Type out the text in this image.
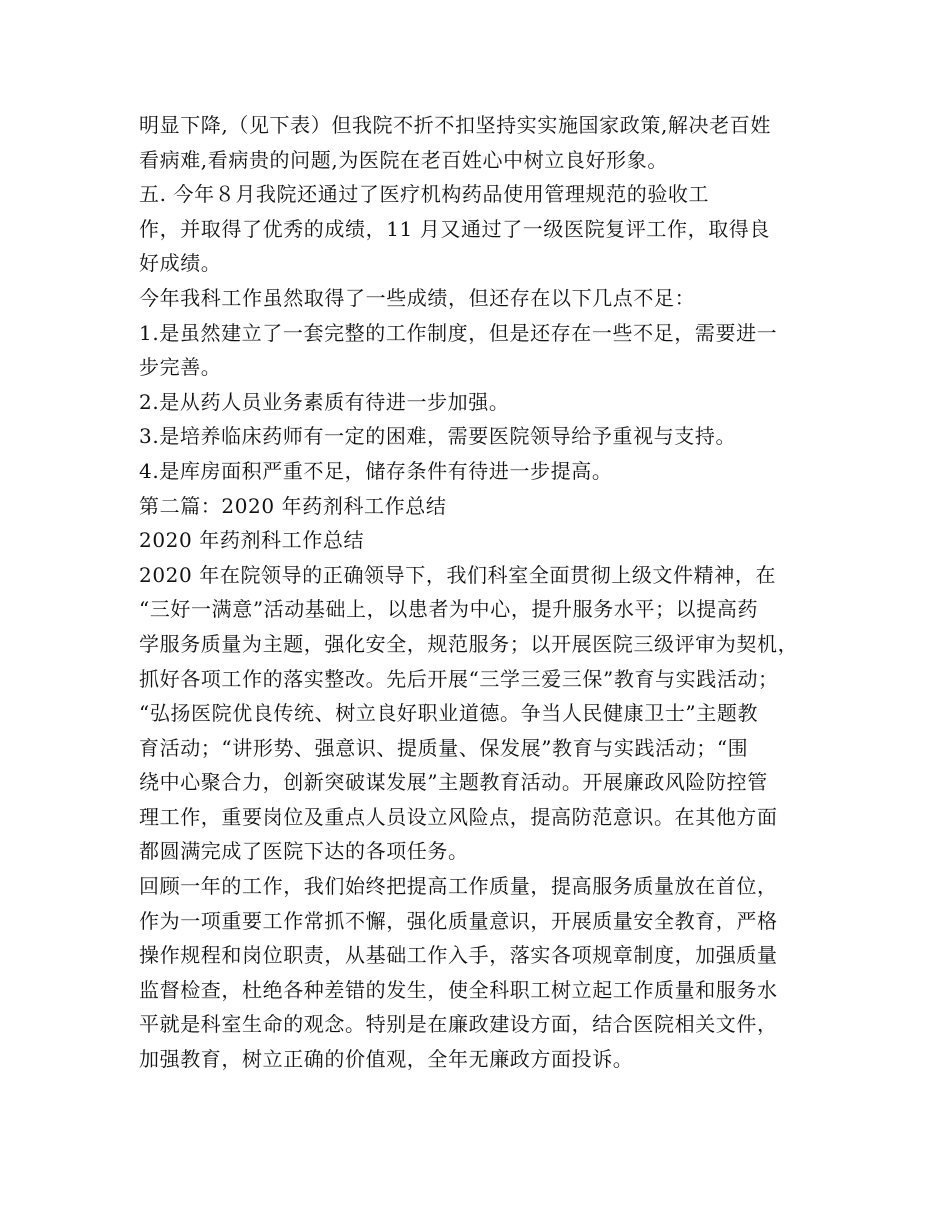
明显下降,（见下表）但我院不折不扣坚持实实施国家政策,解决老百姓
看病难,看病贵的问题,为医院在老百姓心中树立良好形象。
五. 今年８月我院还通过了医疗机构药品使用管理规范的验收工
作，并取得了优秀的成绩，11 月又通过了一级医院复评工作，取得良
好成绩。
今年我科工作虽然取得了一些成绩，但还存在以下几点不足：
1.是虽然建立了一套完整的工作制度，但是还存在一些不足，需要进一
步完善。
2.是从药人员业务素质有待进一步加强。
3.是培养临床药师有一定的困难，需要医院领导给予重视与支持。
4.是库房面积严重不足，储存条件有待进一步提高。
第二篇：2020 年药剂科工作总结
2020 年药剂科工作总结
2020 年在院领导的正确领导下，我们科室全面贯彻上级文件精神，在
“三好一满意”活动基础上，以患者为中心，提升服务水平；以提高药
学服务质量为主题，强化安全，规范服务；以开展医院三级评审为契机，
抓好各项工作的落实整改。先后开展“三学三爱三保”教育与实践活动；
“弘扬医院优良传统、树立良好职业道德。争当人民健康卫士”主题教
育活动；“讲形势、强意识、提质量、保发展”教育与实践活动；“围
绕中心聚合力，创新突破谋发展”主题教育活动。开展廉政风险防控管
理工作，重要岗位及重点人员设立风险点，提高防范意识。在其他方面
都圆满完成了医院下达的各项任务。
回顾一年的工作，我们始终把提高工作质量，提高服务质量放在首位，
作为一项重要工作常抓不懈，强化质量意识，开展质量安全教育，严格
操作规程和岗位职责，从基础工作入手，落实各项规章制度，加强质量
监督检查，杜绝各种差错的发生，使全科职工树立起工作质量和服务水
平就是科室生命的观念。特别是在廉政建设方面，结合医院相关文件，
加强教育，树立正确的价值观，全年无廉政方面投诉。
